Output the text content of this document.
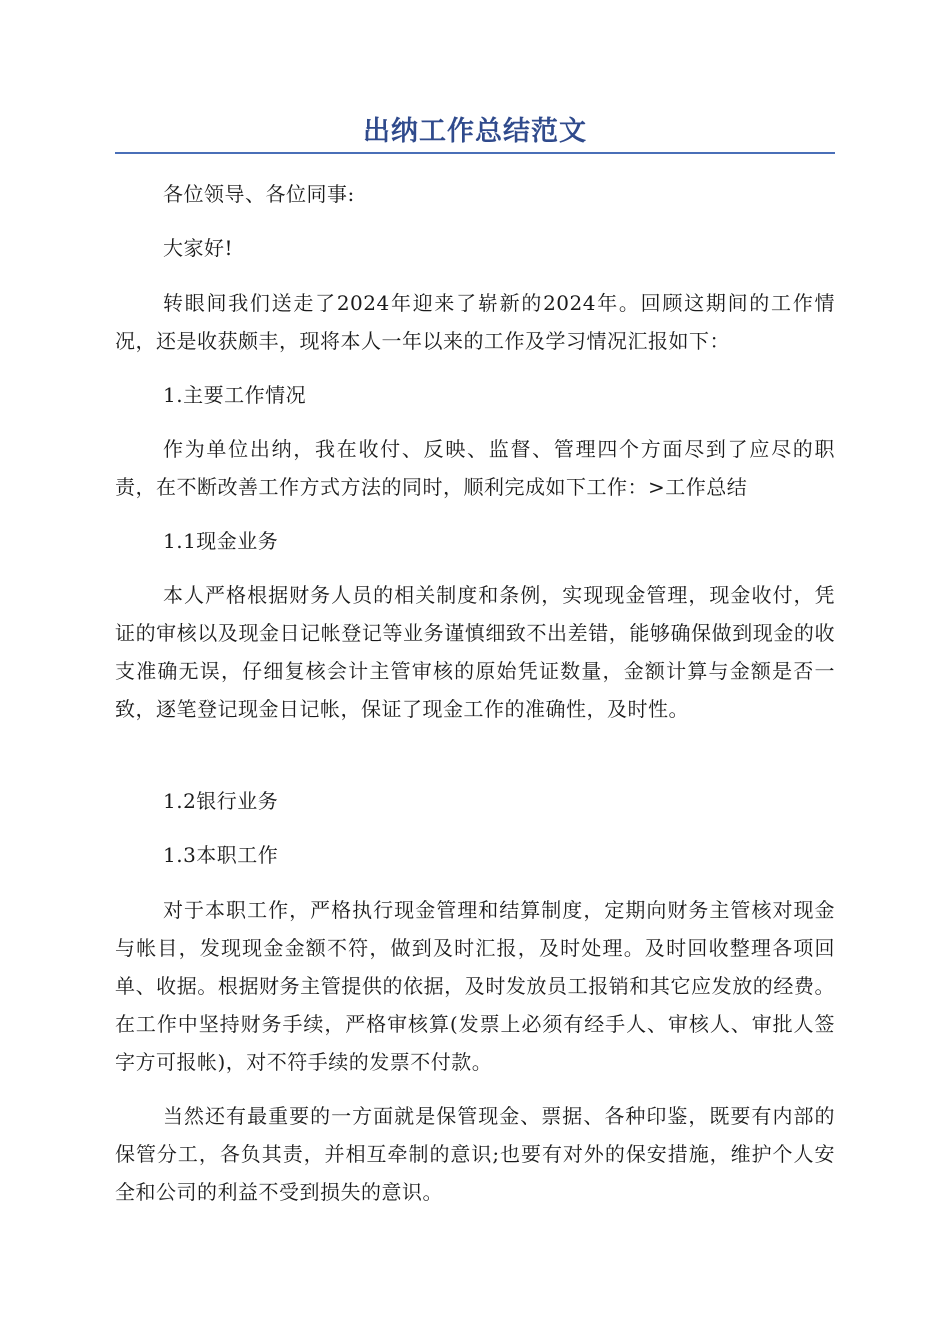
出纳工作总结范文

各位领导、各位同事:

大家好!

转眼间我们送走了2024年迎来了崭新的2024年。回顾这期间的工作情况，还是收获颇丰，现将本人一年以来的工作及学习情况汇报如下：

1.主要工作情况

作为单位出纳，我在收付、反映、监督、管理四个方面尽到了应尽的职责，在不断改善工作方式方法的同时，顺利完成如下工作：>工作总结

1.1现金业务

本人严格根据财务人员的相关制度和条例，实现现金管理，现金收付，凭证的审核以及现金日记帐登记等业务谨慎细致不出差错，能够确保做到现金的收支准确无误，仔细复核会计主管审核的原始凭证数量，金额计算与金额是否一致，逐笔登记现金日记帐，保证了现金工作的准确性，及时性。

1.2银行业务

1.3本职工作

对于本职工作，严格执行现金管理和结算制度，定期向财务主管核对现金与帐目，发现现金金额不符，做到及时汇报，及时处理。及时回收整理各项回单、收据。根据财务主管提供的依据，及时发放员工报销和其它应发放的经费。在工作中坚持财务手续，严格审核算(发票上必须有经手人、审核人、审批人签字方可报帐)，对不符手续的发票不付款。

当然还有最重要的一方面就是保管现金、票据、各种印鉴，既要有内部的保管分工，各负其责，并相互牵制的意识;也要有对外的保安措施，维护个人安全和公司的利益不受到损失的意识。
